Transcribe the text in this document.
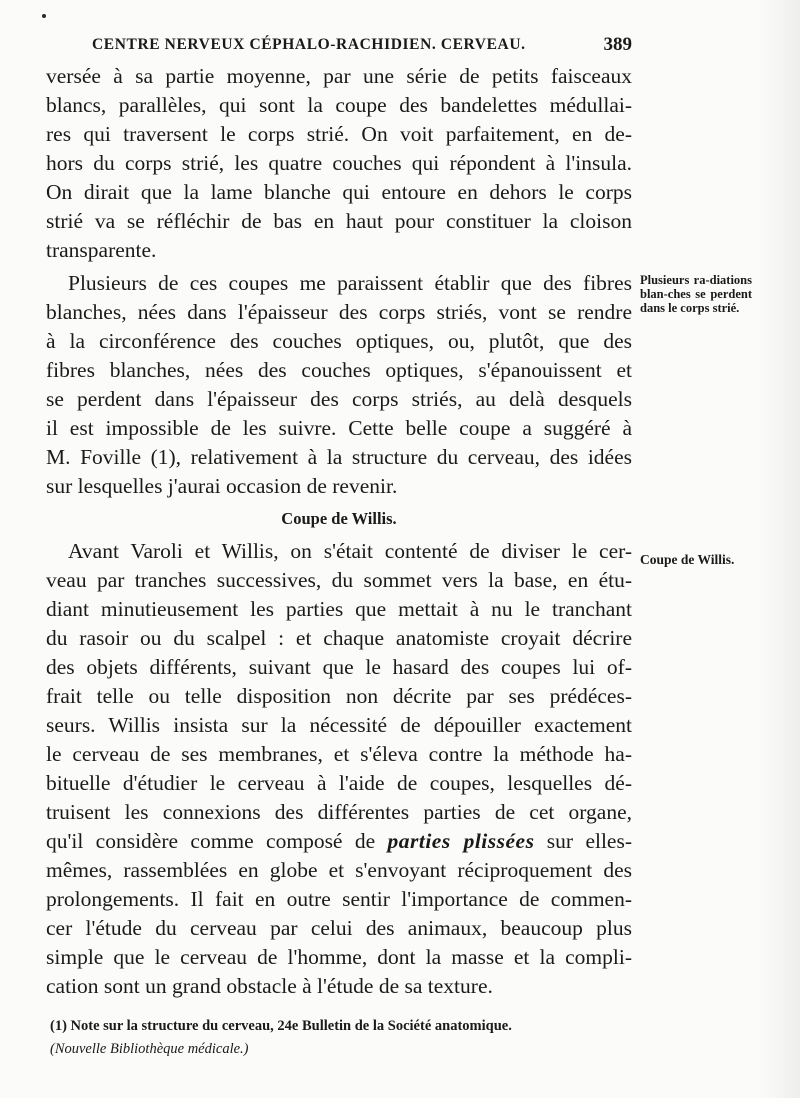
CENTRE NERVEUX CÉPHALO-RACHIDIEN. CERVEAU.	389
versée à sa partie moyenne, par une série de petits faisceaux
blancs, parallèles, qui sont la coupe des bandelettes médullai-
res qui traversent le corps strié. On voit parfaitement, en de-
hors du corps strié, les quatre couches qui répondent à l'insula.
On dirait que la lame blanche qui entoure en dehors le corps
strié va se réfléchir de bas en haut pour constituer la cloison
transparente.
Plusieurs de ces coupes me paraissent établir que des fibres
blanches, nées dans l'épaisseur des corps striés, vont se rendre
à la circonférence des couches optiques, ou, plutôt, que des
fibres blanches, nées des couches optiques, s'épanouissent et
se perdent dans l'épaisseur des corps striés, au delà desquels
il est impossible de les suivre. Cette belle coupe a suggéré à
M. Foville (1), relativement à la structure du cerveau, des idées
sur lesquelles j'aurai occasion de revenir.
Coupe de Willis.
Avant Varoli et Willis, on s'était contenté de diviser le cer-
veau par tranches successives, du sommet vers la base, en étu-
diant minutieusement les parties que mettait à nu le tranchant
du rasoir ou du scalpel : et chaque anatomiste croyait décrire
des objets différents, suivant que le hasard des coupes lui of-
frait telle ou telle disposition non décrite par ses prédéces-
seurs. Willis insista sur la nécessité de dépouiller exactement
le cerveau de ses membranes, et s'éleva contre la méthode ha-
bituelle d'étudier le cerveau à l'aide de coupes, lesquelles dé-
truisent les connexions des différentes parties de cet organe,
qu'il considère comme composé de parties plissées sur elles-
mêmes, rassemblées en globe et s'envoyant réciproquement des
prolongements. Il fait en outre sentir l'importance de commen-
cer l'étude du cerveau par celui des animaux, beaucoup plus
simple que le cerveau de l'homme, dont la masse et la compli-
cation sont un grand obstacle à l'étude de sa texture.
Plusieurs ra-diations blan-ches se perdent dans le corps strié.
Coupe de Willis.
(1) Note sur la structure du cerveau, 24e Bulletin de la Société anatomique.
(Nouvelle Bibliothèque médicale.)
